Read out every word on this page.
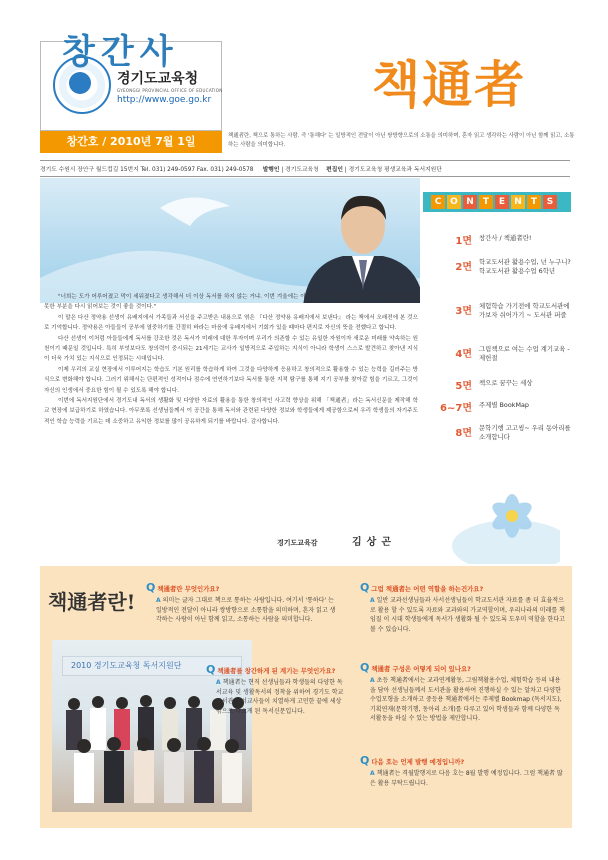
경기도교육청
GYEONGGI PROVINCIAL OFFICE OF EDUCATION
http://www.goe.go.kr
창간호 / 2010년 7월 1일
책通者
책通者란, 책으로 통하는 사람. 즉 '통해다' 는 일방적인 전달이 아닌 쌍방향으로의 소통을 의미하며, 혼자 읽고 생각하는 사람이 아닌 함께 읽고, 소통하는 사람을 의미합니다.
경기도 수원시 장안구 월드컵길 15번지 Tel. 031) 249-0597 Fax. 031) 249-0578 발행인 | 경기도교육청 편집인 | 경기도교육청 평생교육과 독서지원단
창간사

"너희는 도가 어루어졌고 막이 세워졌다고 생각해서 더 이상 독서를 하지 않는 거냐. 이번 겨울에는 아무도록 『상서』와 『예기』에서 아직도 읽지 못한 부분을 다시 읽어보는 것이 좋을 것이다."

이 말은 다산 정약용 선생이 유배지에서 가족들과 서신을 주고받은 내용으로 엮은 『다산 정약용 유배지에서 보낸다』 라는 책에서 오래전에 본 것으로 기억합니다. 정약용은 아들들이 공부에 열중하기를 간절히 바라는 마음에 유배지에서 기회가 있을 때마다 편지로 자신의 뜻을 전했다고 합니다.

다산 선생이 이처럼 아들들에게 독서를 강조한 것은 독서가 미래에 대한 투자이며 우리가 의존할 수 있는 유일한 자원이자 새로운 미래를 약속하는 원천이기 때문일 것입니다. 특히 부엇보다도 창의력이 중시되는 21세기는 교사가 일방적으로 주입하는 지식이 아니라 학생이 스스로 발견하고 찾아낸 지식이 더욱 가치 있는 지식으로 인정되는 시대입니다.

이제 우리의 교실 현장에서 이루어지는 학습도 기본 원리를 학습하게 하여 그것을 다양하게 응용하고 창의적으로 활용할 수 있는 능력을 길러주는 방식으로 변화해야 합니다. 그러기 위해서는 단편적인 성적이나 점수에 연연하기보다 독서를 통한 지적 탐구를 통해 지기 공부를 찾아갈 힘을 기르고, 그것이 자신의 인생에서 중요한 힘이 될 수 있도록 해야 합니다.

이번에 독서지원단에서 경기도내 독서의 생활화 및 다양한 자료의 활용을 통한 창의적인 사고력 향상을 위해 「책通者」라는 독서신문을 제작해 학교 현장에 보급하기로 하였습니다. 아무쪼록 선생님들께서 이 공간을 통해 독서와 관련된 다양한 정보와 학생들에게 제공함으로써 우리 학생들의 자기주도적인 학습 능력을 기르는 데 소중하고 유익한 정보를 많이 공유하게 되기를 바랍니다. 감사합니다.

경기도교육감	김상곤
C O N	T	E	N	T	S
1면 창간사 / 책通者란!
2면 학교도서관 활용수업, 넌 누구니? 학교도서관 활용수업 6학년
3면 체험학습 가기전에 학교도서관에 가보자 쉬어가기 ~ 도서관 퍼즐
4면 그림책으로 여는 수업 계기교육 - 제헌절
5면 책으로 꿈꾸는 세상
6~7면 주제별 BookMap
8면 문학기행 고고씽~ 우리 동아리를 소개합니다
책通者란!
2010 경기도교육청 독서지원단
Q책通者란 무엇인가요?
A 의미는 글자 그대로 책으로 통하는 사람입니다. 여기서 '통하다' 는 일방적인 전달이 아니라 쌍방향으로 소통함을 의미하며, 혼자 읽고 생각하는 사람이 아닌 함께 읽고, 소통하는 사람을 의미합니다.
Q책通者를 창간하게 된 계기는 무엇인가요?
A 책通者는 현직 선생님들과 학생들의 다양한 독서교육 및 생활독서의 정착을 위하여 경기도 학교도서관 사서교사들이 치열하게 고민한 끝에 세상 밖으로 나오게 된 독서신문입니다.
Q그럼 책通者는 어떤 역할을 하는건가요?
A 일반 교과선생님들과 사서선생님들이 학교도서관 자료를 좀 더 효율적으로 활용 할 수 있도록 자료와 교과와의 가교역할이며, 우리나라의 미래를 책임질 이 시대 학생들에게 독서가 생활화 될 수 있도록 도우미 역할을 한다고 볼 수 있습니다.
Q책通者 구성은 어떻게 되어 있나요?
A 초등 책通者에서는 교과연계활동, 그림책활용수업, 체험학습 등의 내용을 담아 선생님들께서 도서관을 활용하여 진행하실 수 있는 알차고 다양한 수업모형을 소개하고 중등용 책通者에서는 주제별 Bookmap (독서지도), 기획연재(문학기행, 동아리 소개)를 다루고 있어 학생들과 함께 다양한 독서활동을 하실 수 있는 방법을 제안합니다.
Q다음 호는 언제 발행 예정입니까?
A 책通者는 격월발행지로 다음 호는 8월 발행 예정입니다. 그럼 책通者 많은 활용 부탁드립니다.
